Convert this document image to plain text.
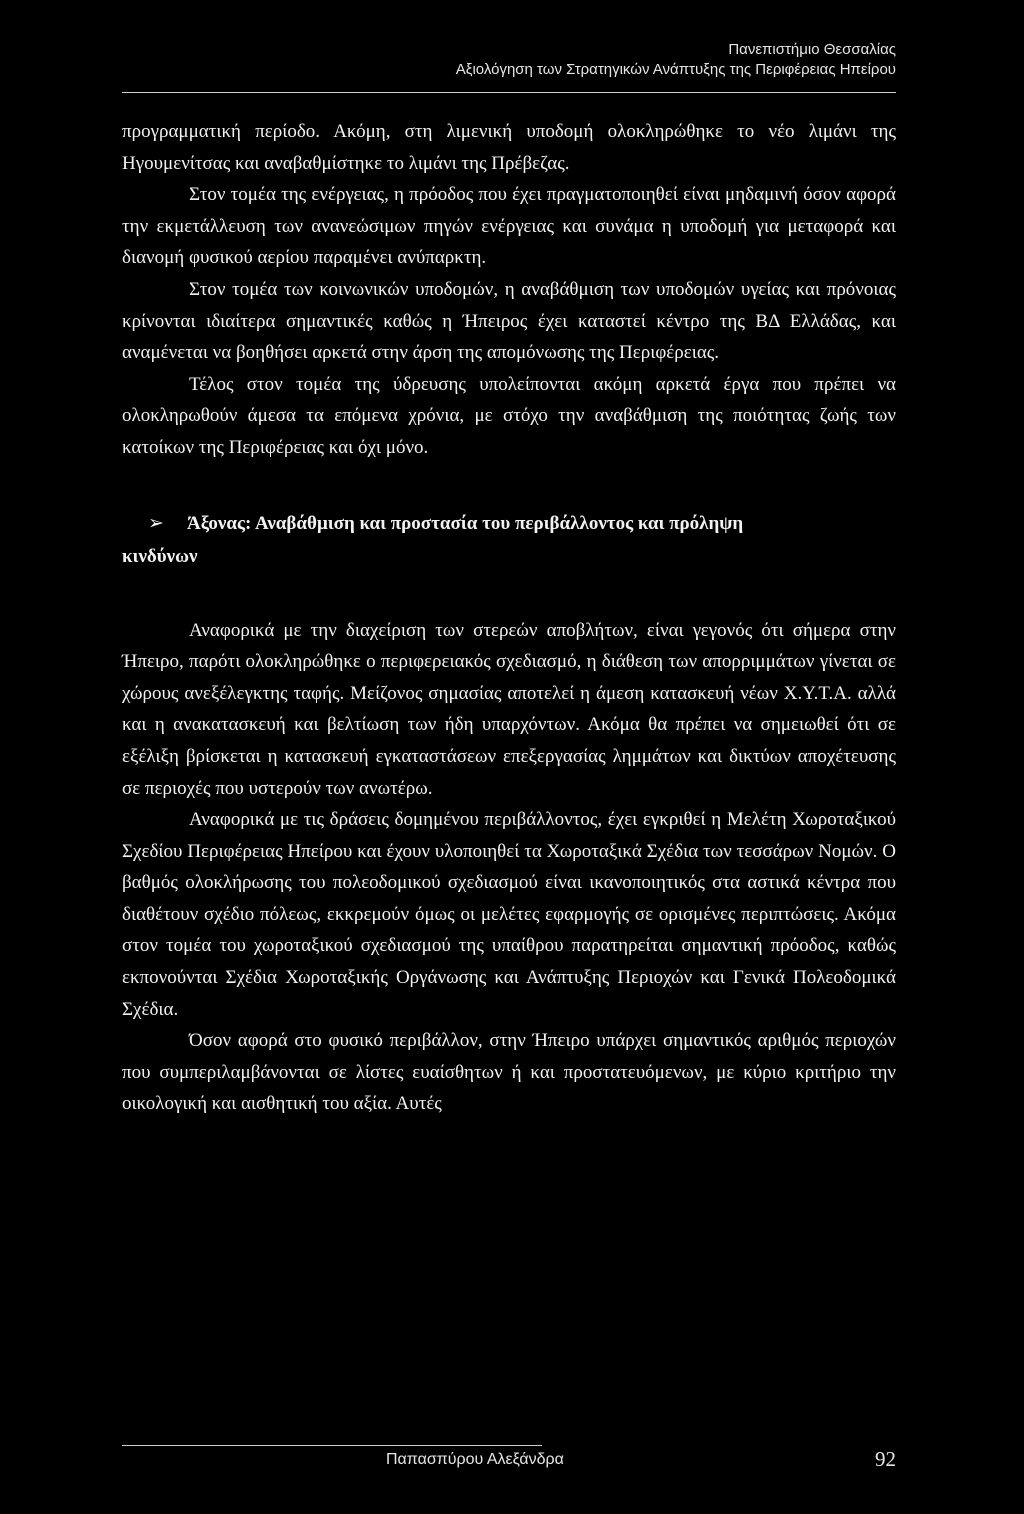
Πανεπιστήμιο Θεσσαλίας
Αξιολόγηση των Στρατηγικών Ανάπτυξης της Περιφέρειας Ηπείρου

προγραμματική περίοδο. Ακόμη, στη λιμενική υποδομή ολοκληρώθηκε το νέο λιμάνι της Ηγουμενίτσας και αναβαθμίστηκε το λιμάνι της Πρέβεζας.

Στον τομέα της ενέργειας, η πρόοδος που έχει πραγματοποιηθεί είναι μηδαμινή όσον αφορά την εκμετάλλευση των ανανεώσιμων πηγών ενέργειας και συνάμα η υποδομή για μεταφορά και διανομή φυσικού αερίου παραμένει ανύπαρκτη.

Στον τομέα των κοινωνικών υποδομών, η αναβάθμιση των υποδομών υγείας και πρόνοιας κρίνονται ιδιαίτερα σημαντικές καθώς η Ήπειρος έχει καταστεί κέντρο της ΒΔ Ελλάδας, και αναμένεται να βοηθήσει αρκετά στην άρση της απομόνωσης της Περιφέρειας.

Τέλος στον τομέα της ύδρευσης υπολείπονται ακόμη αρκετά έργα που πρέπει να ολοκληρωθούν άμεσα τα επόμενα χρόνια, με στόχο την αναβάθμιση της ποιότητας ζωής των κατοίκων της Περιφέρειας και όχι μόνο.

➢ Άξονας: Αναβάθμιση και προστασία του περιβάλλοντος και πρόληψη
κινδύνων

Αναφορικά με την διαχείριση των στερεών αποβλήτων, είναι γεγονός ότι σήμερα στην Ήπειρο, παρότι ολοκληρώθηκε ο περιφερειακός σχεδιασμό, η διάθεση των απορριμμάτων γίνεται σε χώρους ανεξέλεγκτης ταφής. Μείζονος σημασίας αποτελεί η άμεση κατασκευή νέων Χ.Υ.Τ.Α. αλλά και η ανακατασκευή και βελτίωση των ήδη υπαρχόντων. Ακόμα θα πρέπει να σημειωθεί ότι σε εξέλιξη βρίσκεται η κατασκευή εγκαταστάσεων επεξεργασίας λημμάτων και δικτύων αποχέτευσης σε περιοχές που υστερούν των ανωτέρω.

Αναφορικά με τις δράσεις δομημένου περιβάλλοντος, έχει εγκριθεί η Μελέτη Χωροταξικού Σχεδίου Περιφέρειας Ηπείρου και έχουν υλοποιηθεί τα Χωροταξικά Σχέδια των τεσσάρων Νομών. Ο βαθμός ολοκλήρωσης του πολεοδομικού σχεδιασμού είναι ικανοποιητικός στα αστικά κέντρα που διαθέτουν σχέδιο πόλεως, εκκρεμούν όμως οι μελέτες εφαρμογής σε ορισμένες περιπτώσεις. Ακόμα στον τομέα του χωροταξικού σχεδιασμού της υπαίθρου παρατηρείται σημαντική πρόοδος, καθώς εκπονούνται Σχέδια Χωροταξικής Οργάνωσης και Ανάπτυξης Περιοχών και Γενικά Πολεοδομικά Σχέδια.

Όσον αφορά στο φυσικό περιβάλλον, στην Ήπειρο υπάρχει σημαντικός αριθμός περιοχών που συμπεριλαμβάνονται σε λίστες ευαίσθητων ή και προστατευόμενων, με κύριο κριτήριο την οικολογική και αισθητική του αξία. Αυτές

Παπασπύρου Αλεξάνδρα	92
